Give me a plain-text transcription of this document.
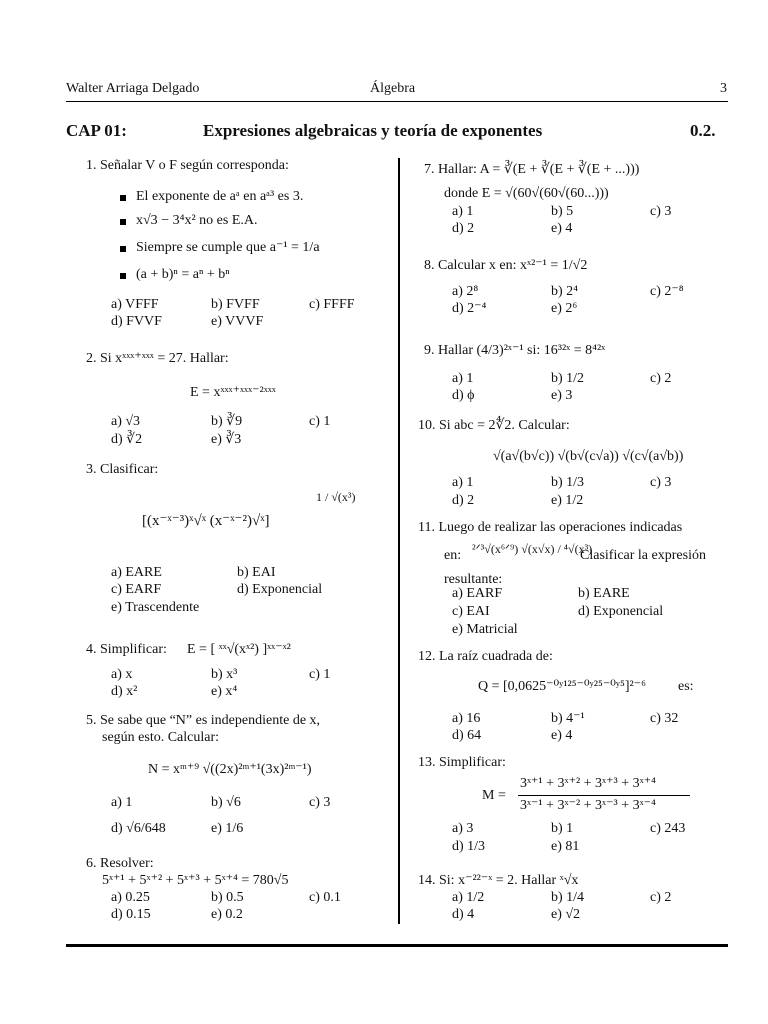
Walter Arriaga Delgado	Álgebra	3
CAP 01:	Expresiones algebraicas y teoría de exponentes	0.2.
1. Señalar V o F según corresponda:
El exponente de aᵃ en aᵃ³ es 3.
x√3 − 3⁴x² no es E.A.
Siempre se cumple que a⁻¹ = 1/a
(a + b)ⁿ = aⁿ + bⁿ
a) VFFF	b) FVFF	c) FFFF
d) FVVF	e) VVVF
2. Si xˣˣˣ⁺ˣˣˣ = 27. Hallar:
E = xˣˣˣ⁺ˣˣˣ⁻²ˣˣˣ
a) √3	b) ∛9	c) 1
d) ∛2	e) ∛3
3. Clasificar:
[(x⁻ˣ⁻³)ˣ√ˣ (x⁻ˣ⁻²)√ˣ]
1 / √(x³)
a) EARE	b) EAI
c) EARF	d) Exponencial
e) Trascendente
4. Simplificar: E = [ ˣˣ√(xˣ²) ]ˣˣ⁻ˣ²
a) x	b) x³	c) 1
d) x²	e) x⁴
5. Se sabe que “N” es independiente de x,
según esto. Calcular:
N = xᵐ⁺⁹ √((2x)²ᵐ⁺¹(3x)²ᵐ⁻¹)
a) 1	b) √6	c) 3
d) √6/648	e) 1/6
6. Resolver:
5ˣ⁺¹ + 5ˣ⁺² + 5ˣ⁺³ + 5ˣ⁺⁴ = 780√5
a) 0.25	b) 0.5	c) 0.1
d) 0.15	e) 0.2
7. Hallar: A = ∛(E + ∛(E + ∛(E + ...)))
donde E = √(60√(60√(60...)))
a) 1	b) 5	c) 3
d) 2	e) 4
8. Calcular x en: xˣ²⁻¹ = 1/√2
a) 2⁸	b) 2⁴	c) 2⁻⁸
d) 2⁻⁴	e) 2⁶
9. Hallar (4/3)²ˣ⁻¹ si: 16³²ˣ = 8⁴²ˣ
a) 1	b) 1/2	c) 2
d) ϕ	e) 3
10. Si abc = 2∜2. Calcular:
√(a√(b√c)) √(b√(c√a)) √(c√(a√b))
a) 1	b) 1/3	c) 3
d) 2	e) 1/2
11. Luego de realizar las operaciones indicadas
en: ²ᐟ³√(x⁶ᐟ⁹) √(x√x) / ⁴√(x³)
Clasificar la expresión
resultante:
a) EARF	b) EARE
c) EAI	d) Exponencial
e) Matricial
12. La raíz cuadrada de:
Q = [0,0625⁻⁰ʸ¹²⁵⁻⁰ʸ²⁵⁻⁰ʸ⁵]²⁻⁶ es:
a) 16	b) 4⁻¹	c) 32
d) 64	e) 4
13. Simplificar:
M =
3ˣ⁺¹ + 3ˣ⁺² + 3ˣ⁺³ + 3ˣ⁺⁴
3ˣ⁻¹ + 3ˣ⁻² + 3ˣ⁻³ + 3ˣ⁻⁴
a) 3	b) 1	c) 243
d) 1/3	e) 81
14. Si: x⁻²²⁻ˣ = 2. Hallar ˣ√x
a) 1/2	b) 1/4	c) 2
d) 4	e) √2
